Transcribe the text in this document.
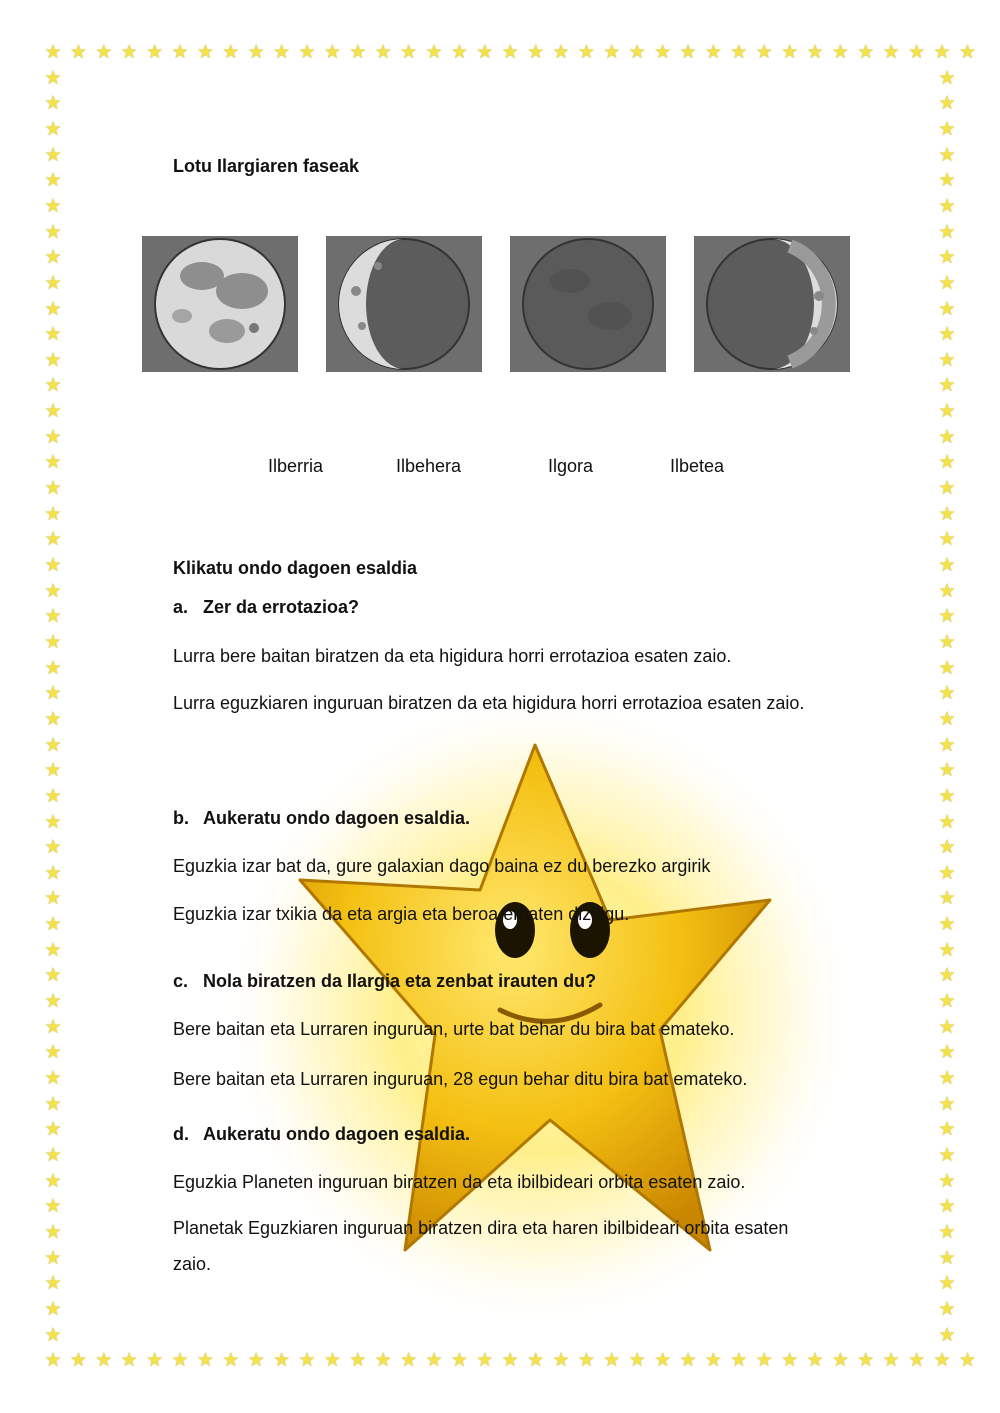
★
★
★
★
★
★
★
★
★
★
★
★
★
★
★
★
★
★
★
★
★
★
★
★
★
★
★
★
★
★
★
★
★
★
★
★
★
★
★
★
★
★
★
★
★
★
★
★
★
★
★
★
★
★
★
★
★
★
★
★
★
★
★
★
★
★
★
★
★
★
★
★
★
★
★	★
★	★
★	★
★	★
★	★
★	★
★	★
★	★
★	★
★	★
★	★
★	★
★	★
★	★
★	★
★	★
★	★
★	★
★	★
★	★
★	★
★	★
★	★
★	★
★	★
★	★
★	★
★	★
★	★
★	★
★	★
★	★
★	★
★	★
★	★
★	★
★	★
★	★
★	★
★	★
★	★
★	★
★	★
★	★
★	★
★	★
★	★
★	★
★	★
★	★
Lotu Ilargiaren faseak
Ilberria	Ilbehera	Ilgora	Ilbetea
Klikatu ondo dagoen esaldia
a. Zer da errotazioa?
Lurra bere baitan biratzen da eta higidura horri errotazioa esaten zaio.
Lurra eguzkiaren inguruan biratzen da eta higidura horri errotazioa esaten zaio.
b. Aukeratu ondo dagoen esaldia.
Eguzkia izar bat da, gure galaxian dago baina ez du berezko argirik
Eguzkia izar txikia da eta argia eta beroa ematen dizkigu.
c. Nola biratzen da Ilargia eta zenbat irauten du?
Bere baitan eta Lurraren inguruan, urte bat behar du bira bat emateko.
Bere baitan eta Lurraren inguruan, 28 egun behar ditu bira bat emateko.
d. Aukeratu ondo dagoen esaldia.
Eguzkia Planeten inguruan biratzen da eta ibilbideari orbita esaten zaio.
Planetak Eguzkiaren inguruan biratzen dira eta haren ibilbideari orbita esaten zaio.
